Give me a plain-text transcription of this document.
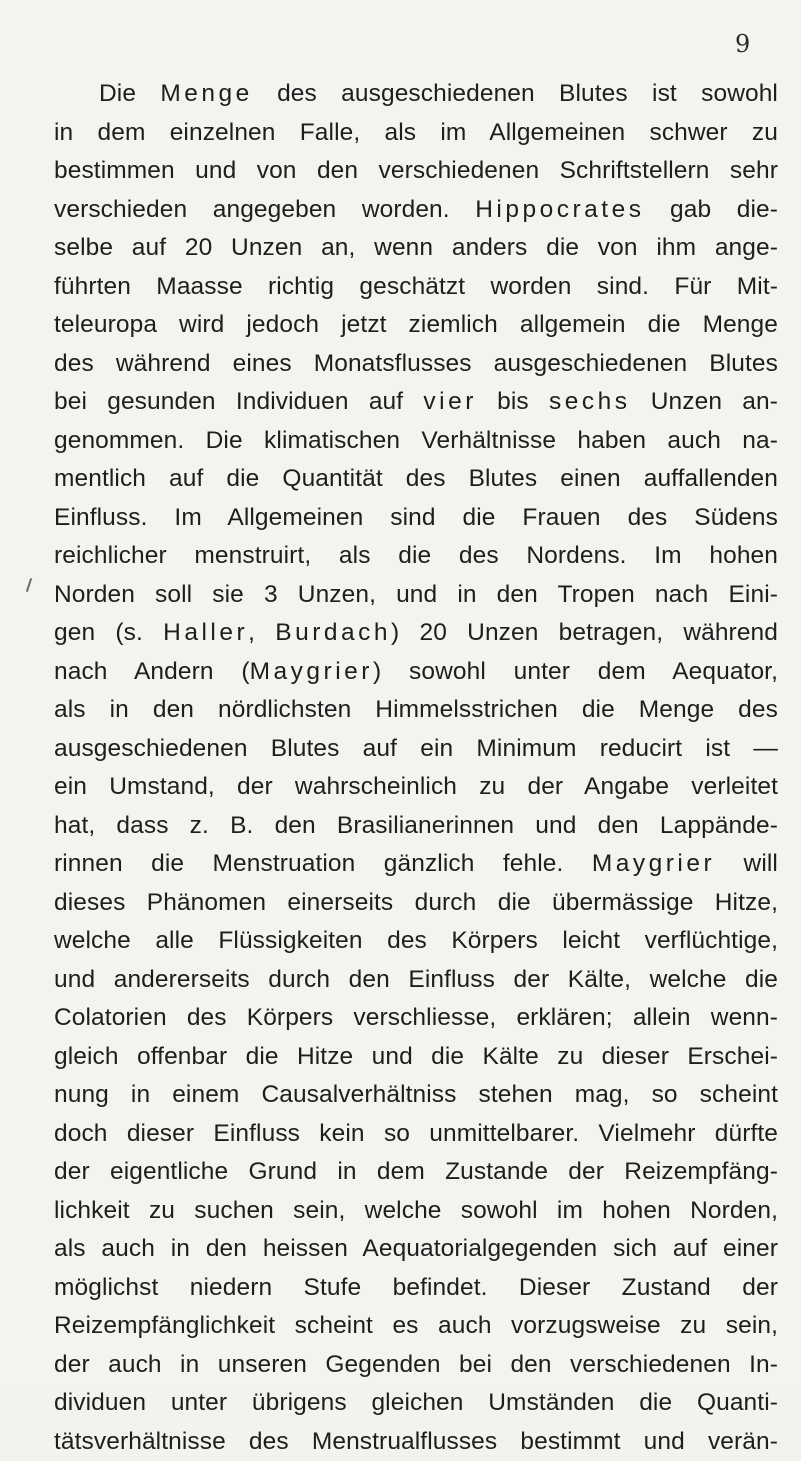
9
Die Menge des ausgeschiedenen Blutes ist sowohl
in dem einzelnen Falle, als im Allgemeinen schwer zu
bestimmen und von den verschiedenen Schriftstellern sehr
verschieden angegeben worden. Hippocrates gab die-
selbe auf 20 Unzen an, wenn anders die von ihm ange-
führten Maasse richtig geschätzt worden sind. Für Mit-
teleuropa wird jedoch jetzt ziemlich allgemein die Menge
des während eines Monatsflusses ausgeschiedenen Blutes
bei gesunden Individuen auf vier bis sechs Unzen an-
genommen. Die klimatischen Verhältnisse haben auch na-
mentlich auf die Quantität des Blutes einen auffallenden
Einfluss. Im Allgemeinen sind die Frauen des Südens
reichlicher menstruirt, als die des Nordens. Im hohen
Norden soll sie 3 Unzen, und in den Tropen nach Eini-
gen (s. Haller, Burdach) 20 Unzen betragen, während
nach Andern (Maygrier) sowohl unter dem Aequator,
als in den nördlichsten Himmelsstrichen die Menge des
ausgeschiedenen Blutes auf ein Minimum reducirt ist —
ein Umstand, der wahrscheinlich zu der Angabe verleitet
hat, dass z. B. den Brasilianerinnen und den Lappände-
rinnen die Menstruation gänzlich fehle. Maygrier will
dieses Phänomen einerseits durch die übermässige Hitze,
welche alle Flüssigkeiten des Körpers leicht verflüchtige,
und andererseits durch den Einfluss der Kälte, welche die
Colatorien des Körpers verschliesse, erklären; allein wenn-
gleich offenbar die Hitze und die Kälte zu dieser Erschei-
nung in einem Causalverhältniss stehen mag, so scheint
doch dieser Einfluss kein so unmittelbarer. Vielmehr dürfte
der eigentliche Grund in dem Zustande der Reizempfäng-
lichkeit zu suchen sein, welche sowohl im hohen Norden,
als auch in den heissen Aequatorialgegenden sich auf einer
möglichst niedern Stufe befindet. Dieser Zustand der
Reizempfänglichkeit scheint es auch vorzugsweise zu sein,
der auch in unseren Gegenden bei den verschiedenen In-
dividuen unter übrigens gleichen Umständen die Quanti-
tätsverhältnisse des Menstrualflusses bestimmt und verän-
